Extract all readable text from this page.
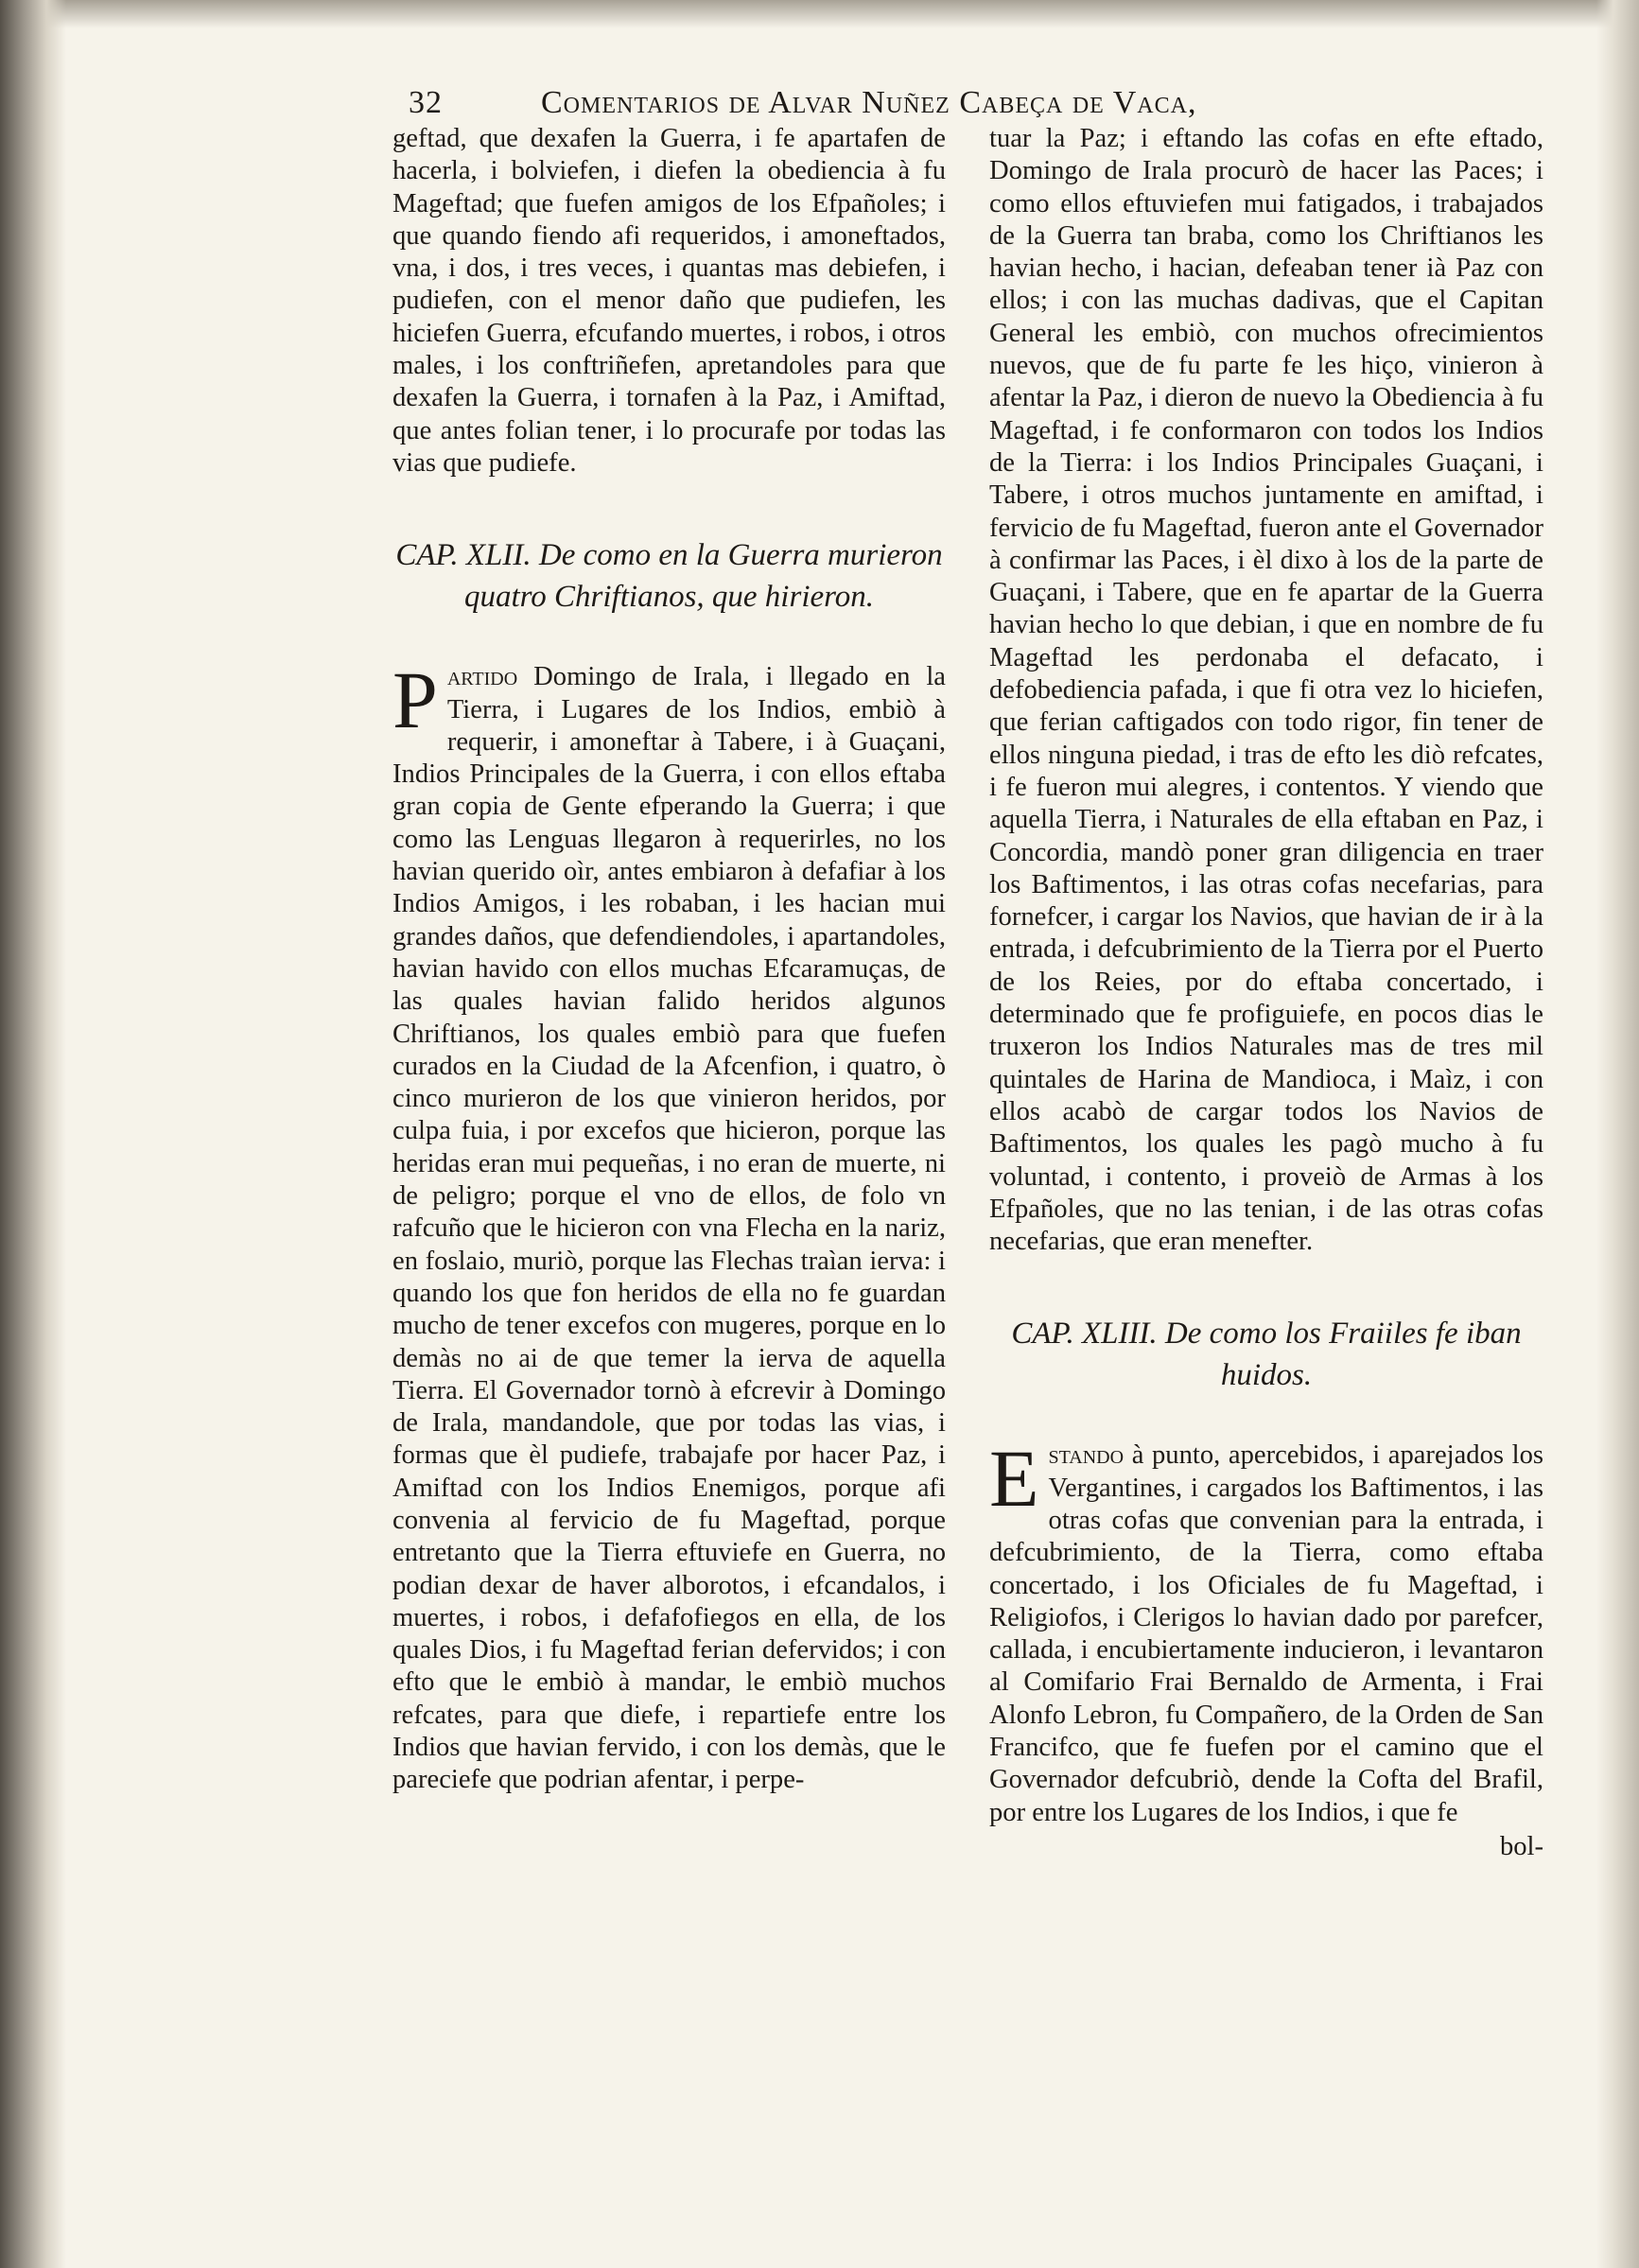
32	Comentarios de Alvar Nuñez Cabeça de Vaca,

geftad, que dexafen la Guerra, i fe apartafen de hacerla, i bolviefen, i diefen la obediencia à fu Mageftad; que fuefen amigos de los Efpañoles; i que quando fiendo afi requeridos, i amoneftados, vna, i dos, i tres veces, i quantas mas debiefen, i pudiefen, con el menor daño que pudiefen, les hiciefen Guerra, efcufando muertes, i robos, i otros males, i los conftriñefen, apretandoles para que dexafen la Guerra, i tornafen à la Paz, i Amiftad, que antes folian tener, i lo procurafe por todas las vias que pudiefe.

CAP. XLII. De como en la Guerra murieron quatro Chriftianos, que hirieron.

Partido Domingo de Irala, i llegado en la Tierra, i Lugares de los Indios, embiò à requerir, i amoneftar à Tabere, i à Guaçani, Indios Principales de la Guerra, i con ellos eftaba gran copia de Gente efperando la Guerra; i que como las Lenguas llegaron à requerirles, no los havian querido oìr, antes embiaron à defafiar à los Indios Amigos, i les robaban, i les hacian mui grandes daños, que defendiendoles, i apartandoles, havian havido con ellos muchas Efcaramuças, de las quales havian falido heridos algunos Chriftianos, los quales embiò para que fuefen curados en la Ciudad de la Afcenfion, i quatro, ò cinco murieron de los que vinieron heridos, por culpa fuia, i por excefos que hicieron, porque las heridas eran mui pequeñas, i no eran de muerte, ni de peligro; porque el vno de ellos, de folo vn rafcuño que le hicieron con vna Flecha en la nariz, en foslaio, muriò, porque las Flechas traìan ierva: i quando los que fon heridos de ella no fe guardan mucho de tener excefos con mugeres, porque en lo demàs no ai de que temer la ierva de aquella Tierra. El Governador tornò à efcrevir à Domingo de Irala, mandandole, que por todas las vias, i formas que èl pudiefe, trabajafe por hacer Paz, i Amiftad con los Indios Enemigos, porque afi convenia al fervicio de fu Mageftad, porque entretanto que la Tierra eftuviefe en Guerra, no podian dexar de haver alborotos, i efcandalos, i muertes, i robos, i defafofiegos en ella, de los quales Dios, i fu Mageftad ferian defervidos; i con efto que le embiò à mandar, le embiò muchos refcates, para que diefe, i repartiefe entre los Indios que havian fervido, i con los demàs, que le pareciefe que podrian afentar, i perpe-

tuar la Paz; i eftando las cofas en efte eftado, Domingo de Irala procurò de hacer las Paces; i como ellos eftuviefen mui fatigados, i trabajados de la Guerra tan braba, como los Chriftianos les havian hecho, i hacian, defeaban tener ià Paz con ellos; i con las muchas dadivas, que el Capitan General les embiò, con muchos ofrecimientos nuevos, que de fu parte fe les hiço, vinieron à afentar la Paz, i dieron de nuevo la Obediencia à fu Mageftad, i fe conformaron con todos los Indios de la Tierra: i los Indios Principales Guaçani, i Tabere, i otros muchos juntamente en amiftad, i fervicio de fu Mageftad, fueron ante el Governador à confirmar las Paces, i èl dixo à los de la parte de Guaçani, i Tabere, que en fe apartar de la Guerra havian hecho lo que debian, i que en nombre de fu Mageftad les perdonaba el defacato, i defobediencia pafada, i que fi otra vez lo hiciefen, que ferian caftigados con todo rigor, fin tener de ellos ninguna piedad, i tras de efto les diò refcates, i fe fueron mui alegres, i contentos. Y viendo que aquella Tierra, i Naturales de ella eftaban en Paz, i Concordia, mandò poner gran diligencia en traer los Baftimentos, i las otras cofas necefarias, para fornefcer, i cargar los Navios, que havian de ir à la entrada, i defcubrimiento de la Tierra por el Puerto de los Reies, por do eftaba concertado, i determinado que fe profiguiefe, en pocos dias le truxeron los Indios Naturales mas de tres mil quintales de Harina de Mandioca, i Maìz, i con ellos acabò de cargar todos los Navios de Baftimentos, los quales les pagò mucho à fu voluntad, i contento, i proveiò de Armas à los Efpañoles, que no las tenian, i de las otras cofas necefarias, que eran menefter.

CAP. XLIII. De como los Fraiiles fe iban huidos.

Estando à punto, apercebidos, i aparejados los Vergantines, i cargados los Baftimentos, i las otras cofas que convenian para la entrada, i defcubrimiento, de la Tierra, como eftaba concertado, i los Oficiales de fu Mageftad, i Religiofos, i Clerigos lo havian dado por parefcer, callada, i encubiertamente inducieron, i levantaron al Comifario Frai Bernaldo de Armenta, i Frai Alonfo Lebron, fu Compañero, de la Orden de San Francifco, que fe fuefen por el camino que el Governador defcubriò, dende la Cofta del Brafil, por entre los Lugares de los Indios, i que fe

bol-
